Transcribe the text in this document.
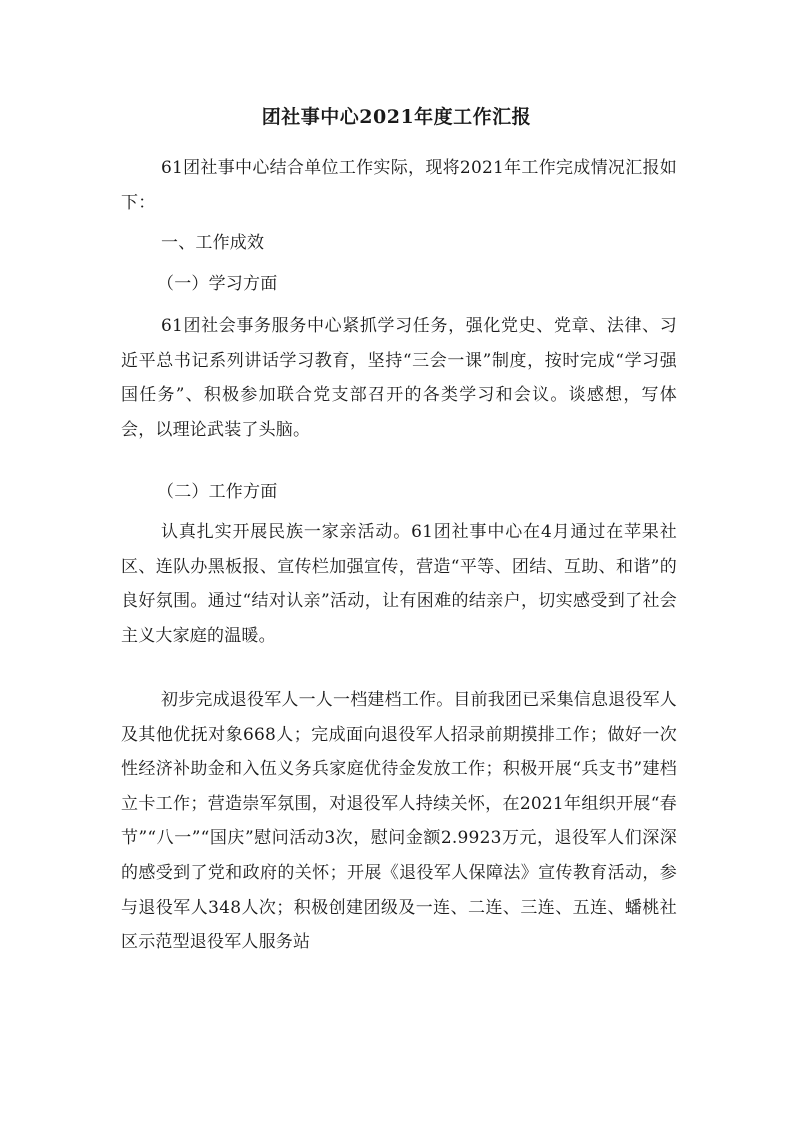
团社事中心2021年度工作汇报
61团社事中心结合单位工作实际，现将2021年工作完成情况汇报如下：
一、工作成效
（一）学习方面
61团社会事务服务中心紧抓学习任务，强化党史、党章、法律、习近平总书记系列讲话学习教育，坚持“三会一课”制度，按时完成“学习强国任务”、积极参加联合党支部召开的各类学习和会议。谈感想，写体会，以理论武装了头脑。
（二）工作方面
认真扎实开展民族一家亲活动。61团社事中心在4月通过在苹果社区、连队办黑板报、宣传栏加强宣传，营造“平等、团结、互助、和谐”的良好氛围。通过“结对认亲”活动，让有困难的结亲户，切实感受到了社会主义大家庭的温暖。
初步完成退役军人一人一档建档工作。目前我团已采集信息退役军人及其他优抚对象668人；完成面向退役军人招录前期摸排工作；做好一次性经济补助金和入伍义务兵家庭优待金发放工作；积极开展“兵支书”建档立卡工作；营造崇军氛围，对退役军人持续关怀，在2021年组织开展“春节”“八一”“国庆”慰问活动3次，慰问金额2.9923万元，退役军人们深深的感受到了党和政府的关怀；开展《退役军人保障法》宣传教育活动，参与退役军人348人次；积极创建团级及一连、二连、三连、五连、蟠桃社区示范型退役军人服务站
